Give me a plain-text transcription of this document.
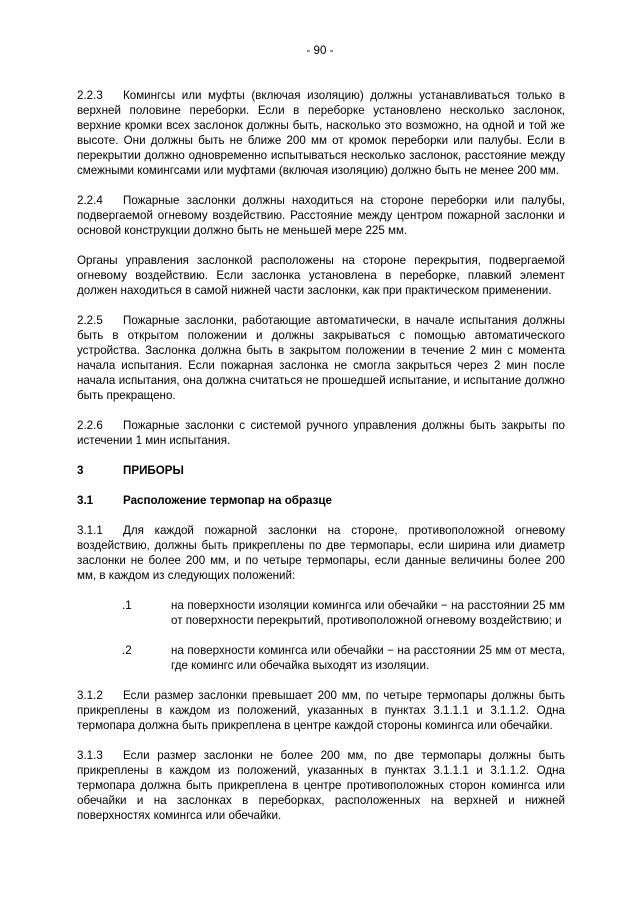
- 90 -

2.2.3 Комингсы или муфты (включая изоляцию) должны устанавливаться только в верхней половине переборки. Если в переборке установлено несколько заслонок, верхние кромки всех заслонок должны быть, насколько это возможно, на одной и той же высоте. Они должны быть не ближе 200 мм от кромок переборки или палубы. Если в перекрытии должно одновременно испытываться несколько заслонок, расстояние между смежными комингсами или муфтами (включая изоляцию) должно быть не менее 200 мм.

2.2.4 Пожарные заслонки должны находиться на стороне переборки или палубы, подвергаемой огневому воздействию. Расстояние между центром пожарной заслонки и основой конструкции должно быть не меньшей мере 225 мм.

Органы управления заслонкой расположены на стороне перекрытия, подвергаемой огневому воздействию. Если заслонка установлена в переборке, плавкий элемент должен находиться в самой нижней части заслонки, как при практическом применении.

2.2.5 Пожарные заслонки, работающие автоматически, в начале испытания должны быть в открытом положении и должны закрываться с помощью автоматического устройства. Заслонка должна быть в закрытом положении в течение 2 мин с момента начала испытания. Если пожарная заслонка не смогла закрыться через 2 мин после начала испытания, она должна считаться не прошедшей испытание, и испытание должно быть прекращено.

2.2.6 Пожарные заслонки с системой ручного управления должны быть закрыты по истечении 1 мин испытания.

3	ПРИБОРЫ
3.1	Расположение термопар на образце

3.1.1 Для каждой пожарной заслонки на стороне, противоположной огневому воздействию, должны быть прикреплены по две термопары, если ширина или диаметр заслонки не более 200 мм, и по четыре термопары, если данные величины более 200 мм, в каждом из следующих положений:

.1	на поверхности изоляции комингса или обечайки − на расстоянии 25 мм от поверхности перекрытий, противоположной огневому воздействию; и
.2	на поверхности комингса или обечайки − на расстоянии 25 мм от места, где комингс или обечайка выходят из изоляции.

3.1.2 Если размер заслонки превышает 200 мм, по четыре термопары должны быть прикреплены в каждом из положений, указанных в пунктах 3.1.1.1 и 3.1.1.2. Одна термопара должна быть прикреплена в центре каждой стороны комингса или обечайки.

3.1.3 Если размер заслонки не более 200 мм, по две термопары должны быть прикреплены в каждом из положений, указанных в пунктах 3.1.1.1 и 3.1.1.2. Одна термопара должна быть прикреплена в центре противоположных сторон комингса или обечайки и на заслонках в переборках, расположенных на верхней и нижней поверхностях комингса или обечайки.
